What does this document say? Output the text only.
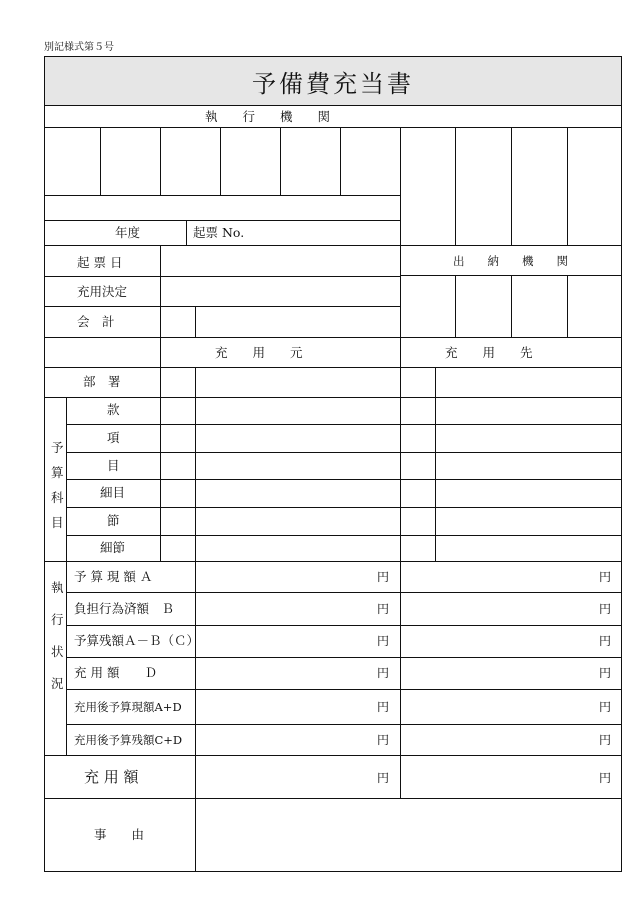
別記様式第５号
予備費充当書
執　　行　　機　　関
年度	起票 No.
起 票 日	出　　納　　機　　関
充用決定
会　計
充　　用　　元	充　　用　　先
部　署
予
算
科
目
款
項
目
細目
節
細節
執
行
状
況
予 算 現 額 Ａ	円	円
負担行為済額　Ｂ	円	円
予算残額Ａ－Ｂ（Ｃ）	円	円
充 用 額　　Ｄ	円	円
充用後予算現額A+D	円	円
充用後予算残額C+D	円	円
充 用 額	円	円
事　　由
